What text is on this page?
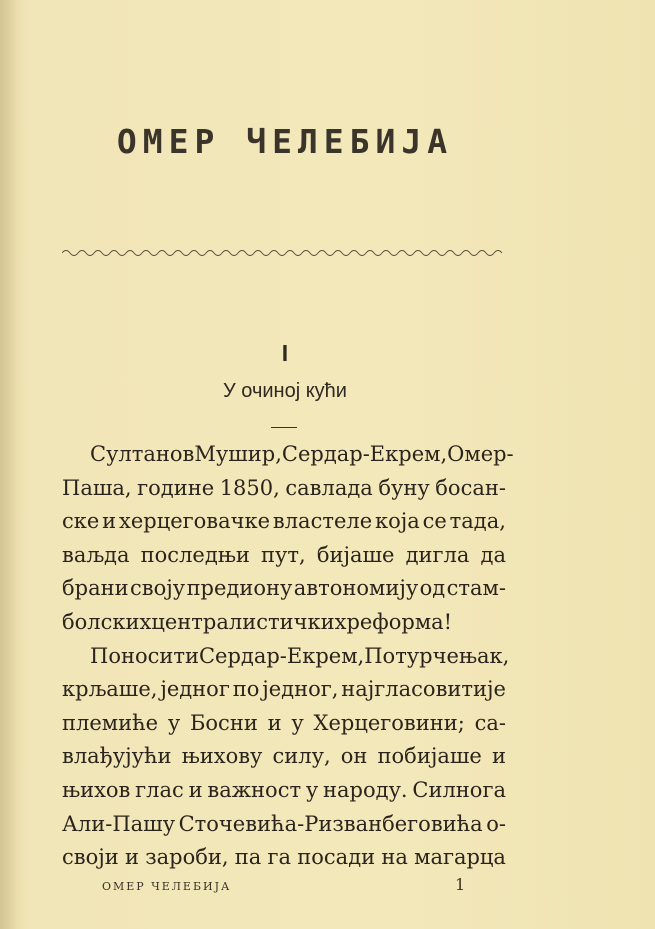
ОМЕР ЧЕЛЕБИЈА
I
У очиној кући
Султанов Мушир, Сердар-Екрем, Омер-
Паша, године 1850, савлада буну босан-
ске и херцеговачке властеле која се тада,
ваљда последњи пут, бијаше дигла да
брани своју предиону автономију од стам-
болских централистичких реформа!
Поносити Сердар-Екрем, Потурчењак,
крљаше, једног по једног, најгласовитије
племиће у Босни и у Херцеговини; са-
влађујући њихову силу, он побијаше и
њихов глас и важност у народу. Силнога
Али-Пашу Сточевића-Ризванбеговића о-
своји и зароби, па га посади на магарца
ОМЕР ЧЕЛЕБИЈА	1
